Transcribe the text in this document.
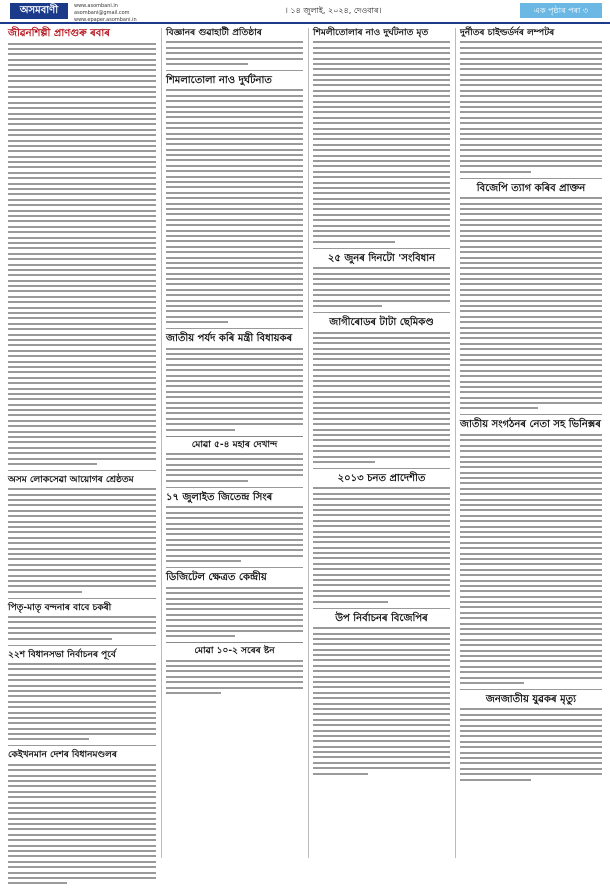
অসমবাণী	www.asombani.in
asombani@gmail.com
www.epaper.asombani.in
। ১৪ জুলাই, ২০২৪, দেওবাৰ।	এক পৃষ্ঠাৰ পৰা ৩
জীৱনশিল্পী প্ৰাণগুৰু ৰবাৰ
অসম লোকসেৱা আয়োগৰ শ্ৰেষ্ঠতম
পিতৃ-মাতৃ বন্দনাৰ বাবে চকৰী
২২শ বিধানসভা নিৰ্বাচনৰ পূৰ্বে
কেইখনমান দেশৰ বিধানমণ্ডলৰ
বিজ্ঞানৰ গুৱাহাটী প্ৰতিষ্ঠাৰ
শিমলাতোলা নাও দুৰ্ঘটনাত
জাতীয় পৰ্যদ কৰি মন্ত্ৰী বিধায়কৰ
মোৱা ৫-৪ মহাৰ দেখান্দ
১৭ জুলাইত জিতেন্দ্ৰ সিংৰ
ডিজিটেল ক্ষেত্ৰত কেন্দ্ৰীয়
মোৱা ১০-২ সৰেৰ ষ্টন
শিমলীতোলাৰ নাও দুৰ্ঘটনাত মৃত
২৫ জুনৰ দিনটো 'সংবিধান
জাগীৰোডৰ টাটা ছেমিকণ্ড
২০১৩ চনত প্ৰাদেশীত
উপ নিৰ্বাচনৰ বিজেপিৰ
দুৰ্নীতৰ চাইল্ডৰ্ডৰ্দৰ লম্পটৰ
বিজেপি ত্যাগ কৰিব প্ৰাক্তন
জাতীয় সংগঠনৰ নেতা সহ ভিনিক্সৰ
জনজাতীয় যুৱকৰ মৃত্যু
